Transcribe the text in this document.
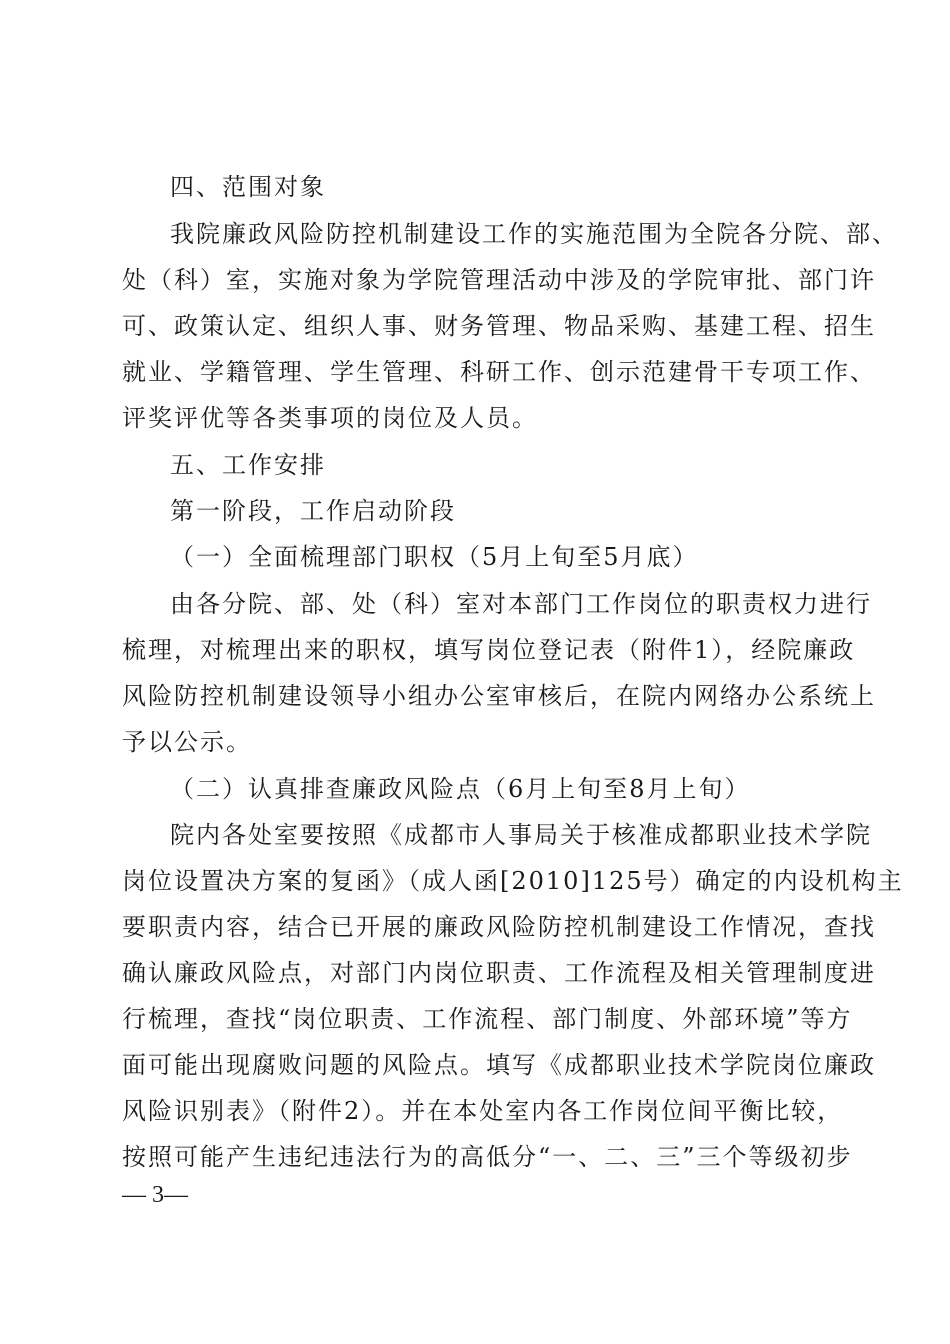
四、范围对象
我院廉政风险防控机制建设工作的实施范围为全院各分院、部、
处（科）室，实施对象为学院管理活动中涉及的学院审批、部门许
可、政策认定、组织人事、财务管理、物品采购、基建工程、招生
就业、学籍管理、学生管理、科研工作、创示范建骨干专项工作、
评奖评优等各类事项的岗位及人员。
五、工作安排
第一阶段，工作启动阶段
（一）全面梳理部门职权（5月上旬至5月底）
由各分院、部、处（科）室对本部门工作岗位的职责权力进行
梳理，对梳理出来的职权，填写岗位登记表（附件1），经院廉政
风险防控机制建设领导小组办公室审核后，在院内网络办公系统上
予以公示。
（二）认真排查廉政风险点（6月上旬至8月上旬）
院内各处室要按照《成都市人事局关于核准成都职业技术学院
岗位设置决方案的复函》（成人函[2010]125号）确定的内设机构主
要职责内容，结合已开展的廉政风险防控机制建设工作情况，查找
确认廉政风险点，对部门内岗位职责、工作流程及相关管理制度进
行梳理，查找“岗位职责、工作流程、部门制度、外部环境”等方
面可能出现腐败问题的风险点。填写《成都职业技术学院岗位廉政
风险识别表》（附件2）。并在本处室内各工作岗位间平衡比较，
按照可能产生违纪违法行为的高低分“一、二、三”三个等级初步
— 3—
